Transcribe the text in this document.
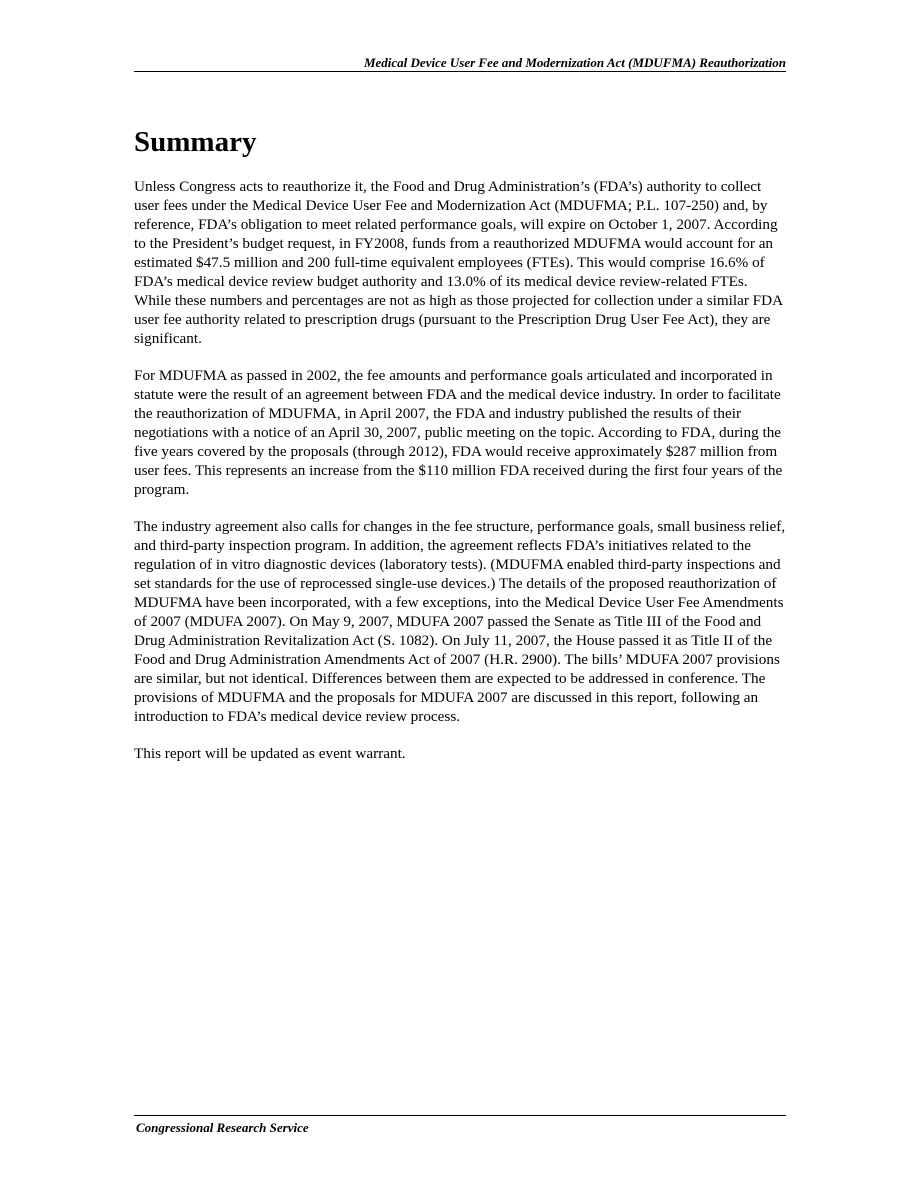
Medical Device User Fee and Modernization Act (MDUFMA) Reauthorization
Summary

Unless Congress acts to reauthorize it, the Food and Drug Administration’s (FDA’s) authority to collect user fees under the Medical Device User Fee and Modernization Act (MDUFMA; P.L. 107-250) and, by reference, FDA’s obligation to meet related performance goals, will expire on October 1, 2007. According to the President’s budget request, in FY2008, funds from a reauthorized MDUFMA would account for an estimated $47.5 million and 200 full-time equivalent employees (FTEs). This would comprise 16.6% of FDA’s medical device review budget authority and 13.0% of its medical device review-related FTEs. While these numbers and percentages are not as high as those projected for collection under a similar FDA user fee authority related to prescription drugs (pursuant to the Prescription Drug User Fee Act), they are significant.

For MDUFMA as passed in 2002, the fee amounts and performance goals articulated and incorporated in statute were the result of an agreement between FDA and the medical device industry. In order to facilitate the reauthorization of MDUFMA, in April 2007, the FDA and industry published the results of their negotiations with a notice of an April 30, 2007, public meeting on the topic. According to FDA, during the five years covered by the proposals (through 2012), FDA would receive approximately $287 million from user fees. This represents an increase from the $110 million FDA received during the first four years of the program.

The industry agreement also calls for changes in the fee structure, performance goals, small business relief, and third-party inspection program. In addition, the agreement reflects FDA’s initiatives related to the regulation of in vitro diagnostic devices (laboratory tests). (MDUFMA enabled third-party inspections and set standards for the use of reprocessed single-use devices.) The details of the proposed reauthorization of MDUFMA have been incorporated, with a few exceptions, into the Medical Device User Fee Amendments of 2007 (MDUFA 2007). On May 9, 2007, MDUFA 2007 passed the Senate as Title III of the Food and Drug Administration Revitalization Act (S. 1082). On July 11, 2007, the House passed it as Title II of the Food and Drug Administration Amendments Act of 2007 (H.R. 2900). The bills’ MDUFA 2007 provisions are similar, but not identical. Differences between them are expected to be addressed in conference. The provisions of MDUFMA and the proposals for MDUFA 2007 are discussed in this report, following an introduction to FDA’s medical device review process.

This report will be updated as event warrant.

Congressional Research Service
